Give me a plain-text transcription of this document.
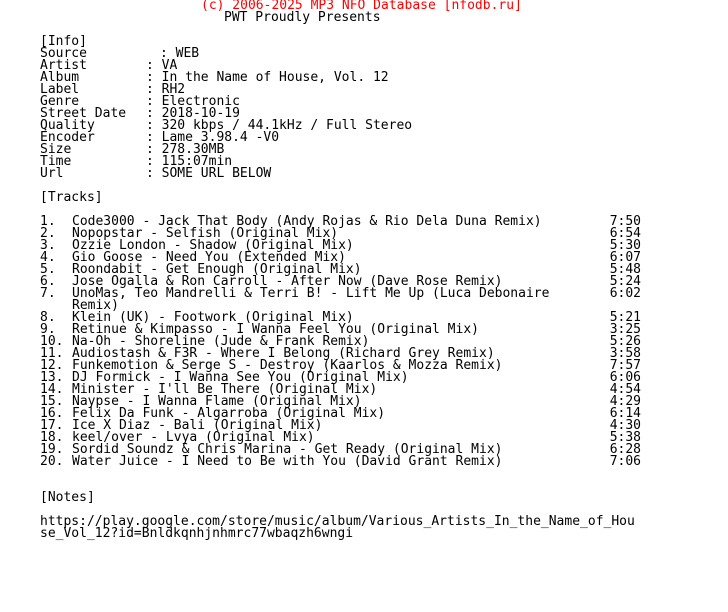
(c) 2006-2025 MP3 NFO Database [nfodb.ru]
PWT Proudly Presents
[Info]
Source	: WEB
Artist	: VA
Album	: In the Name of House, Vol. 12
Label	: RH2
Genre	: Electronic
Street Date : 2018-10-19
Quality	: 320 kbps / 44.1kHz / Full Stereo
Encoder	: Lame 3.98.4 -V0
Size	: 278.30MB
Time	: 115:07min
Url	: SOME URL BELOW
[Tracks]
1. Code3000 - Jack That Body (Andy Rojas & Rio Dela Duna Remix)	7:50
2. Nopopstar - Selfish (Original Mix)	6:54
3. Ozzie London - Shadow (Original Mix)	5:30
4. Gio Goose - Need You (Extended Mix)	6:07
5. Roondabit - Get Enough (Original Mix)	5:48
6. Jose Ogalla & Ron Carroll - After Now (Dave Rose Remix)	5:24
7. UnoMas, Teo Mandrelli & Terri B! - Lift Me Up (Luca Debonaire	6:02
Remix)
8. Klein (UK) - Footwork (Original Mix)	5:21
9. Retinue & Kimpasso - I Wanna Feel You (Original Mix)	3:25
10. Na-Oh - Shoreline (Jude & Frank Remix)	5:26
11. Audiostash & F3R - Where I Belong (Richard Grey Remix)	3:58
12. Funkemotion & Serge S - Destroy (Kaarlos & Mozza Remix)	7:57
13. DJ Formick - I Wanna See You (Original Mix)	6:06
14. Minister - I'll Be There (Original Mix)	4:54
15. Naypse - I Wanna Flame (Original Mix)	4:29
16. Felix Da Funk - Algarroba (Original Mix)	6:14
17. Ice X Diaz - Bali (Original Mix)	4:30
18. keel/over - Lvya (Original Mix)	5:38
19. Sordid Soundz & Chris Marina - Get Ready (Original Mix)	6:28
20. Water Juice - I Need to Be with You (David Grant Remix)	7:06
[Notes]
https://play.google.com/store/music/album/Various_Artists_In_the_Name_of_Hou
se_Vol_12?id=Bnldkqnhjnhmrc77wbaqzh6wngi
